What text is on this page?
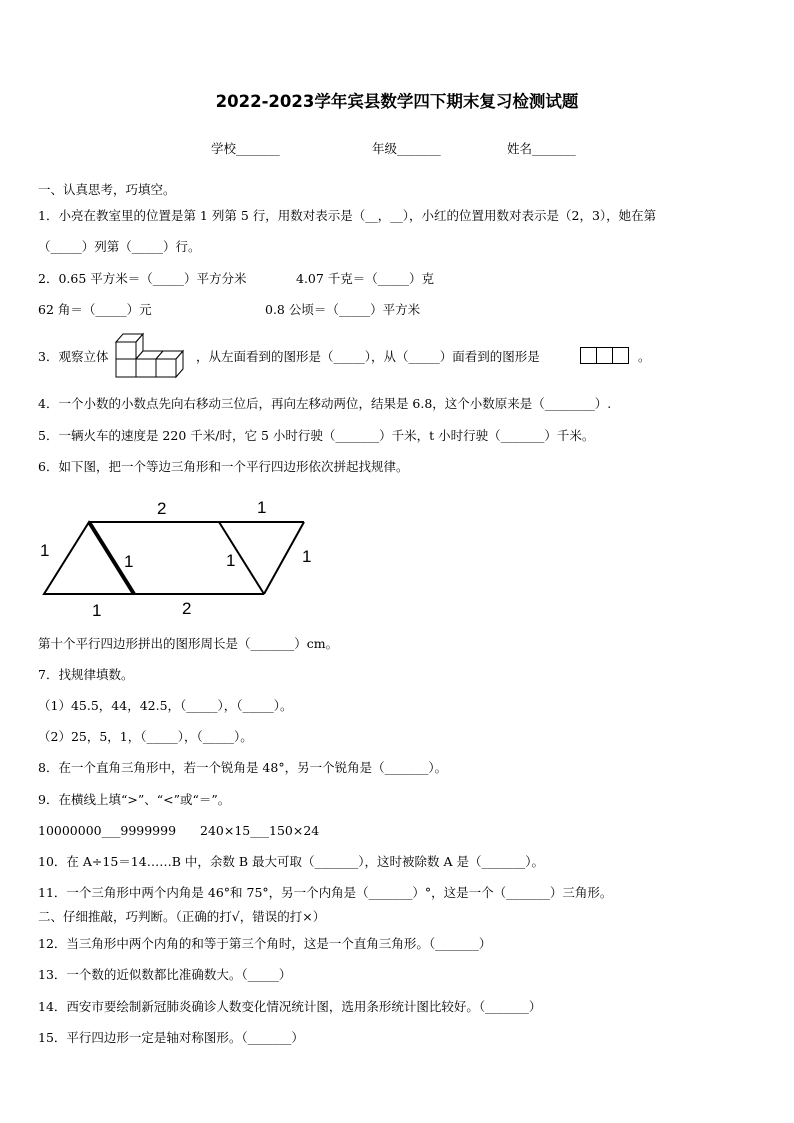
2022-2023学年宾县数学四下期末复习检测试题
学校_______	年级_______	姓名_______
一、认真思考，巧填空。
1．小亮在教室里的位置是第 1 列第 5 行，用数对表示是（__，__），小红的位置用数对表示是（2，3），她在第
（_____）列第（_____）行。
2．0.65 平方米＝（_____）平方分米	4.07 千克＝（_____）克
62 角＝（_____）元	0.8 公顷＝（_____）平方米
3．观察立体	，从左面看到的图形是（_____），从（_____）面看到的图形是	。
4．一个小数的小数点先向右移动三位后，再向左移动两位，结果是 6.8，这个小数原来是（________）.
5．一辆火车的速度是 220 千米/时，它 5 小时行驶（_______）千米，t 小时行驶（_______）千米。
6．如下图，把一个等边三角形和一个平行四边形依次拼起找规律。
2	1
1
1	1	1
1	2
第十个平行四边形拼出的图形周长是（_______）cm。
7．找规律填数。
（1）45.5，44，42.5，（_____），（_____）。
（2）25，5，1，（_____），（_____）。
8．在一个直角三角形中，若一个锐角是 48°，另一个锐角是（_______）。
9．在横线上填“>”、“<”或“＝”。
10000000___9999999 240×15___150×24
10．在 A÷15＝14……B 中，余数 B 最大可取（_______），这时被除数 A 是（_______）。
11．一个三角形中两个内角是 46°和 75°，另一个内角是（_______）°，这是一个（_______）三角形。
二、仔细推敲，巧判断。（正确的打√，错误的打×）
12．当三角形中两个内角的和等于第三个角时，这是一个直角三角形。（_______）
13．一个数的近似数都比准确数大。（_____）
14．西安市要绘制新冠肺炎确诊人数变化情况统计图，选用条形统计图比较好。（_______）
15．平行四边形一定是轴对称图形。（_______）
